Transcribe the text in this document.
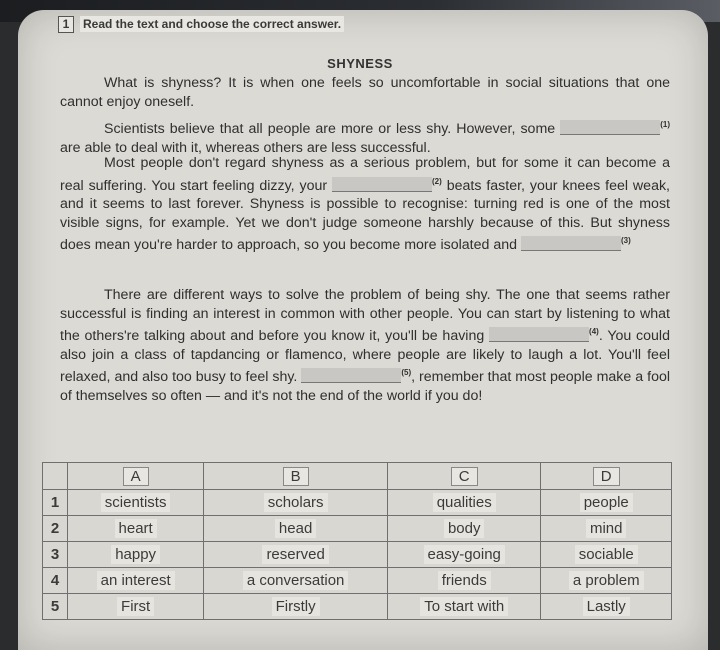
1 Read the text and choose the correct answer.
SHYNESS
What is shyness? It is when one feels so uncomfortable in social situations that one cannot enjoy oneself.
Scientists believe that all people are more or less shy. However, some	$^{(1)}$ are able to deal with it, whereas others are less successful.
Most people don't regard shyness as a serious problem, but for some it can become a real suffering. You start feeling dizzy, your	$^{(2)}$ beats faster, your knees feel weak, and it seems to last forever. Shyness is possible to recognise: turning red is one of the most visible signs, for example. Yet we don't judge someone harshly because of this. But shyness does mean you're harder to approach, so you become more isolated and	$^{(3)}$
There are different ways to solve the problem of being shy. The one that seems rather successful is finding an interest in common with other people. You can start by listening to what the others're talking about and before you know it, you'll be having	$^{(4)}$. You could also join a class of tapdancing or flamenco, where people are likely to laugh a lot. You'll feel relaxed, and also too busy to feel shy.	$^{(5)}$, remember that most people make a fool of themselves so often — and it's not the end of the world if you do!
	A	B	C	D
1	scientists	scholars	qualities	people
2	heart	head	body	mind
3	happy	reserved	easy-going	sociable
4	an interest	a conversation	friends	a problem
5	First	Firstly	To start with	Lastly
